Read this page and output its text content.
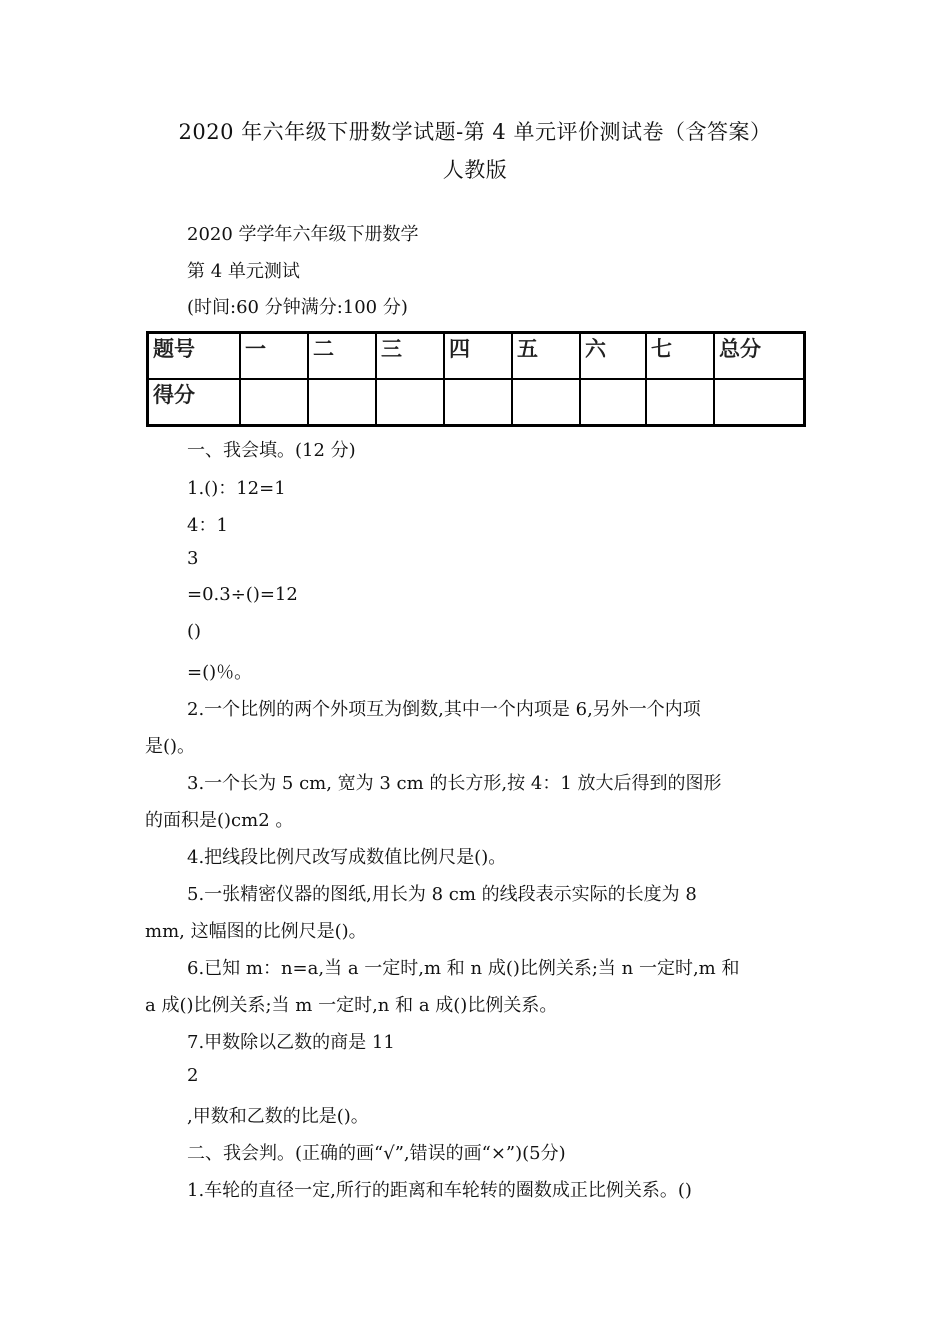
2020 年六年级下册数学试题-第 4 单元评价测试卷（含答案）
人教版
2020 学学年六年级下册数学
第 4 单元测试
(时间:60 分钟满分:100 分)
题号	一	二	三	四	五	六	七	总分
得分								
一、我会填。(12 分)
1.()：12=1
4：1
3
=0.3÷()=12
()
=()％。
2.一个比例的两个外项互为倒数,其中一个内项是 6,另外一个内项
是()。
3.一个长为 5 cm, 宽为 3 cm 的长方形,按 4：1 放大后得到的图形
的面积是()cm2 。
4.把线段比例尺改写成数值比例尺是()。
5.一张精密仪器的图纸,用长为 8 cm 的线段表示实际的长度为 8
mm, 这幅图的比例尺是()。
6.已知 m：n=a,当 a 一定时,m 和 n 成()比例关系;当 n 一定时,m 和
a 成()比例关系;当 m 一定时,n 和 a 成()比例关系。
7.甲数除以乙数的商是 11
2
,甲数和乙数的比是()。
二、我会判。(正确的画“√”,错误的画“×”)(5分)
1.车轮的直径一定,所行的距离和车轮转的圈数成正比例关系。()
